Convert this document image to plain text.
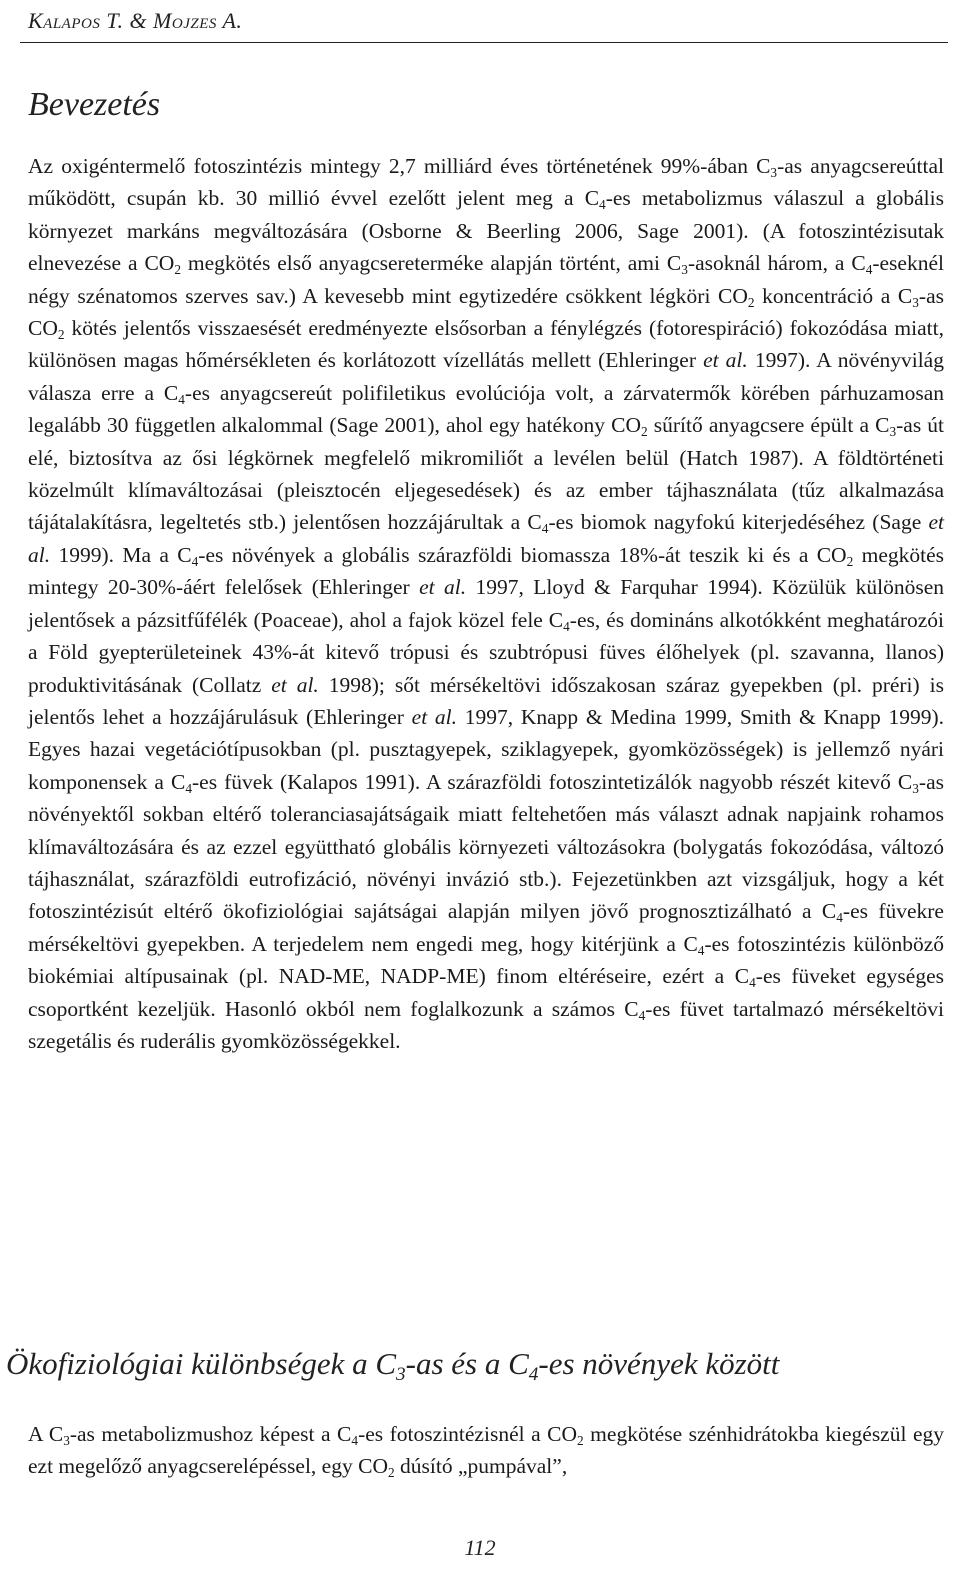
Kalapos T. & Mojzes A.
Bevezetés

Az oxigéntermelő fotoszintézis mintegy 2,7 milliárd éves történetének 99%-ában $C_3-as$ anyagcsereúttal működött, csupán kb. 30 millió évvel ezelőtt jelent meg a $C_4-es$ metabolizmus válaszul a globális környezet markáns megváltozására (Osborne & Beerling 2006, Sage 2001). (A fotoszintézisutak elnevezése a $CO_2$ megkötés első anyagcsereterméke alapján történt, ami $C_3$-asoknál három, a $C_4$-eseknél négy szénatomos szerves sav.) A kevesebb mint egytizedére csökkent légköri $CO_2$ koncentráció a $C_3-as$ $CO_2$ kötés jelentős visszaesését eredményezte elsősorban a fénylégzés (fotorespiráció) fokozódása miatt, különösen magas hőmérsékleten és korlátozott vízellátás mellett (Ehleringer et al. 1997). A növényvilág válasza erre a $C_4-es$ anyagcsereút polifiletikus evolúciója volt, a zárvatermők körében párhuzamosan legalább 30 független alkalommal (Sage 2001), ahol egy hatékony $CO_2$ sűrítő anyagcsere épült a $C_3-as$ út elé, biztosítva az ősi légkörnek megfelelő mikromiliőt a levélen belül (Hatch 1987). A földtörténeti közelmúlt klímaváltozásai (pleisztocén eljegesedések) és az ember tájhasználata (tűz alkalmazása tájátalakításra, legeltetés stb.) jelentősen hozzájárultak a $C_4-es$ biomok nagyfokú kiterjedéséhez (Sage et al. 1999). Ma a $C_4-es$ növények a globális szárazföldi biomassza 18%-át teszik ki és a $CO_2$ megkötés mintegy 20-30%-áért felelősek (Ehleringer et al. 1997, Lloyd & Farquhar 1994). Közülük különösen jelentősek a pázsitfűfélék (Poaceae), ahol a fajok közel fele $C_4-es$, és domináns alkotókként meghatározói a Föld gyepterületeinek 43%-át kitevő trópusi és szubtrópusi füves élőhelyek (pl. szavanna, llanos) produktivitásának (Collatz et al. 1998); sőt mérsékeltövi időszakosan száraz gyepekben (pl. préri) is jelentős lehet a hozzájárulásuk (Ehleringer et al. 1997, Knapp & Medina 1999, Smith & Knapp 1999). Egyes hazai vegetációtípusokban (pl. pusztagyepek, sziklagyepek, gyomközösségek) is jellemző nyári komponensek a $C_4-es$ füvek (Kalapos 1991). A szárazföldi fotoszintetizálók nagyobb részét kitevő $C_3-as$ növényektől sokban eltérő toleranciasajátságaik miatt feltehetően más választ adnak napjaink rohamos klímaváltozására és az ezzel együttható globális környezeti változásokra (bolygatás fokozódása, változó tájhasználat, szárazföldi eutrofizáció, növényi invázió stb.). Fejezetünkben azt vizsgáljuk, hogy a két fotoszintézisút eltérő ökofiziológiai sajátságai alapján milyen jövő prognosztizálható a $C_4-es$ füvekre mérsékeltövi gyepekben. A terjedelem nem engedi meg, hogy kitérjünk a $C_4-es$ fotoszintézis különböző biokémiai altípusainak (pl. NAD-ME, NADP-ME) finom eltéréseire, ezért a $C_4-es$ füveket egységes csoportként kezeljük. Hasonló okból nem foglalkozunk a számos $C_4-es$ füvet tartalmazó mérsékeltövi szegetális és ruderális gyomközösségekkel.

Ökofiziológiai különbségek a $C_3-as$ és a $C_4-es$ növények között

A $C_3-as$ metabolizmushoz képest a $C_4-es$ fotoszintézisnél a $CO_2$ megkötése szénhidrátokba kiegészül egy ezt megelőző anyagcserelépéssel, egy $CO_2$ dúsító „pumpával”,

112
